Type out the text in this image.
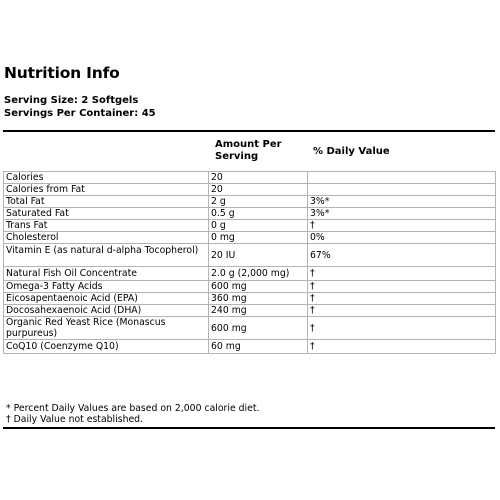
Nutrition Info
Serving Size: 2 Softgels
Servings Per Container: 45
Amount Per Serving	% Daily Value
Calories	20	
Calories from Fat	20	
Total Fat	2 g	3%*
Saturated Fat	0.5 g	3%*
Trans Fat	0 g	†
Cholesterol	0 mg	0%
Vitamin E (as natural d-alpha Tocopherol)	20 IU	67%
Natural Fish Oil Concentrate	2.0 g (2,000 mg)	†
Omega-3 Fatty Acids	600 mg	†
Eicosapentaenoic Acid (EPA)	360 mg	†
Docosahexaenoic Acid (DHA)	240 mg	†
Organic Red Yeast Rice (Monascus purpureus)	600 mg	†
CoQ10 (Coenzyme Q10)	60 mg	†
* Percent Daily Values are based on 2,000 calorie diet.
† Daily Value not established.
